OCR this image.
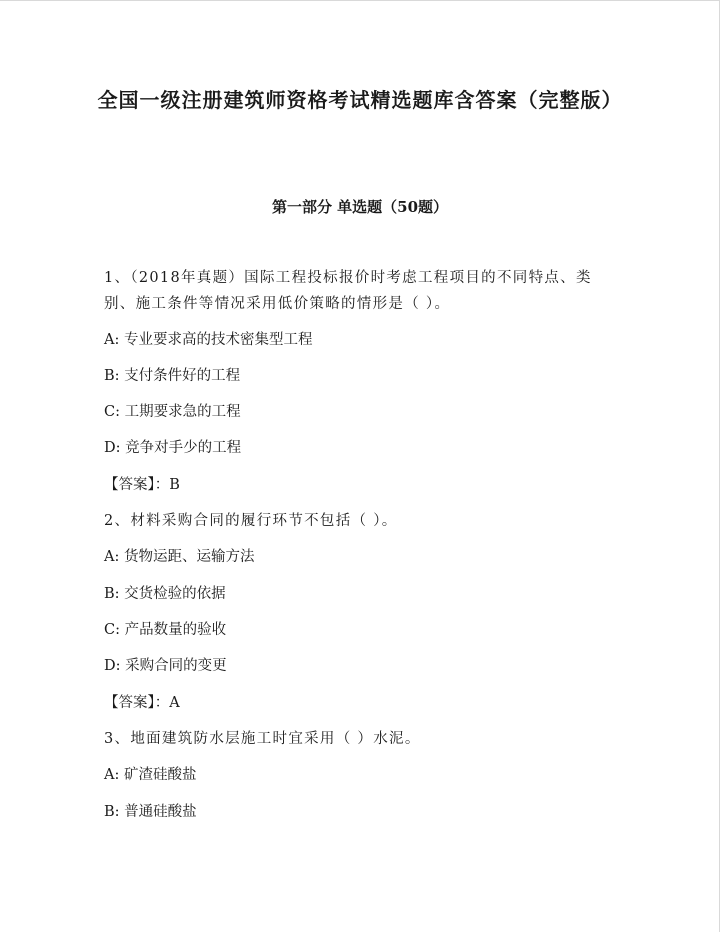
全国一级注册建筑师资格考试精选题库含答案（完整版）
第一部分 单选题（50题）
1、（2018年真题）国际工程投标报价时考虑工程项目的不同特点、类
别、施工条件等情况采用低价策略的情形是（ ）。
A: 专业要求高的技术密集型工程
B: 支付条件好的工程
C: 工期要求急的工程
D: 竞争对手少的工程
【答案】：B
2、材料采购合同的履行环节不包括（ ）。
A: 货物运距、运输方法
B: 交货检验的依据
C: 产品数量的验收
D: 采购合同的变更
【答案】：A
3、地面建筑防水层施工时宜采用（ ）水泥。
A: 矿渣硅酸盐
B: 普通硅酸盐
